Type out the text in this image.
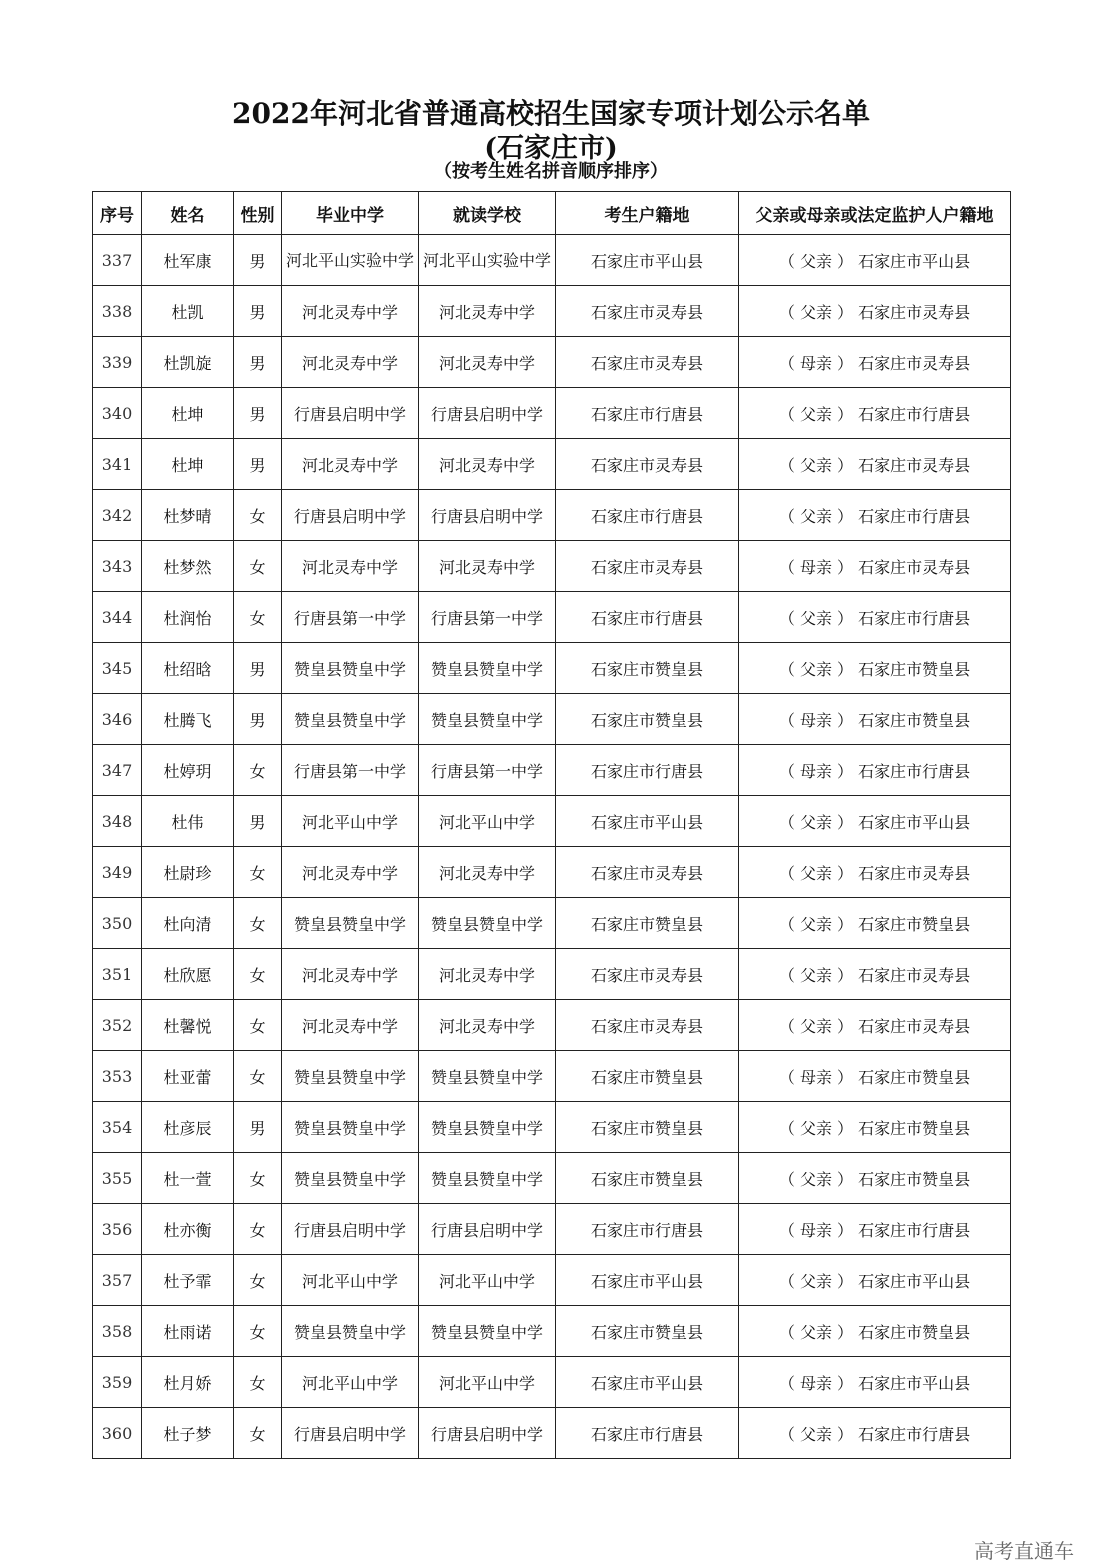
2022年河北省普通高校招生国家专项计划公示名单
(石家庄市)
（按考生姓名拼音顺序排序）
序号	姓名	性别	毕业中学	就读学校	考生户籍地	父亲或母亲或法定监护人户籍地
337	杜军康	男	河北平山实验中学	河北平山实验中学	石家庄市平山县	（ 父亲 ） 石家庄市平山县
338	杜凯	男	河北灵寿中学	河北灵寿中学	石家庄市灵寿县	（ 父亲 ） 石家庄市灵寿县
339	杜凯旋	男	河北灵寿中学	河北灵寿中学	石家庄市灵寿县	（ 母亲 ） 石家庄市灵寿县
340	杜坤	男	行唐县启明中学	行唐县启明中学	石家庄市行唐县	（ 父亲 ） 石家庄市行唐县
341	杜坤	男	河北灵寿中学	河北灵寿中学	石家庄市灵寿县	（ 父亲 ） 石家庄市灵寿县
342	杜梦晴	女	行唐县启明中学	行唐县启明中学	石家庄市行唐县	（ 父亲 ） 石家庄市行唐县
343	杜梦然	女	河北灵寿中学	河北灵寿中学	石家庄市灵寿县	（ 母亲 ） 石家庄市灵寿县
344	杜润怡	女	行唐县第一中学	行唐县第一中学	石家庄市行唐县	（ 父亲 ） 石家庄市行唐县
345	杜绍晗	男	赞皇县赞皇中学	赞皇县赞皇中学	石家庄市赞皇县	（ 父亲 ） 石家庄市赞皇县
346	杜腾飞	男	赞皇县赞皇中学	赞皇县赞皇中学	石家庄市赞皇县	（ 母亲 ） 石家庄市赞皇县
347	杜婷玥	女	行唐县第一中学	行唐县第一中学	石家庄市行唐县	（ 母亲 ） 石家庄市行唐县
348	杜伟	男	河北平山中学	河北平山中学	石家庄市平山县	（ 父亲 ） 石家庄市平山县
349	杜尉珍	女	河北灵寿中学	河北灵寿中学	石家庄市灵寿县	（ 父亲 ） 石家庄市灵寿县
350	杜向清	女	赞皇县赞皇中学	赞皇县赞皇中学	石家庄市赞皇县	（ 父亲 ） 石家庄市赞皇县
351	杜欣愿	女	河北灵寿中学	河北灵寿中学	石家庄市灵寿县	（ 父亲 ） 石家庄市灵寿县
352	杜馨悦	女	河北灵寿中学	河北灵寿中学	石家庄市灵寿县	（ 父亲 ） 石家庄市灵寿县
353	杜亚蕾	女	赞皇县赞皇中学	赞皇县赞皇中学	石家庄市赞皇县	（ 母亲 ） 石家庄市赞皇县
354	杜彦辰	男	赞皇县赞皇中学	赞皇县赞皇中学	石家庄市赞皇县	（ 父亲 ） 石家庄市赞皇县
355	杜一萱	女	赞皇县赞皇中学	赞皇县赞皇中学	石家庄市赞皇县	（ 父亲 ） 石家庄市赞皇县
356	杜亦衡	女	行唐县启明中学	行唐县启明中学	石家庄市行唐县	（ 母亲 ） 石家庄市行唐县
357	杜予霏	女	河北平山中学	河北平山中学	石家庄市平山县	（ 父亲 ） 石家庄市平山县
358	杜雨诺	女	赞皇县赞皇中学	赞皇县赞皇中学	石家庄市赞皇县	（ 父亲 ） 石家庄市赞皇县
359	杜月娇	女	河北平山中学	河北平山中学	石家庄市平山县	（ 母亲 ） 石家庄市平山县
360	杜子梦	女	行唐县启明中学	行唐县启明中学	石家庄市行唐县	（ 父亲 ） 石家庄市行唐县
高考直通车
